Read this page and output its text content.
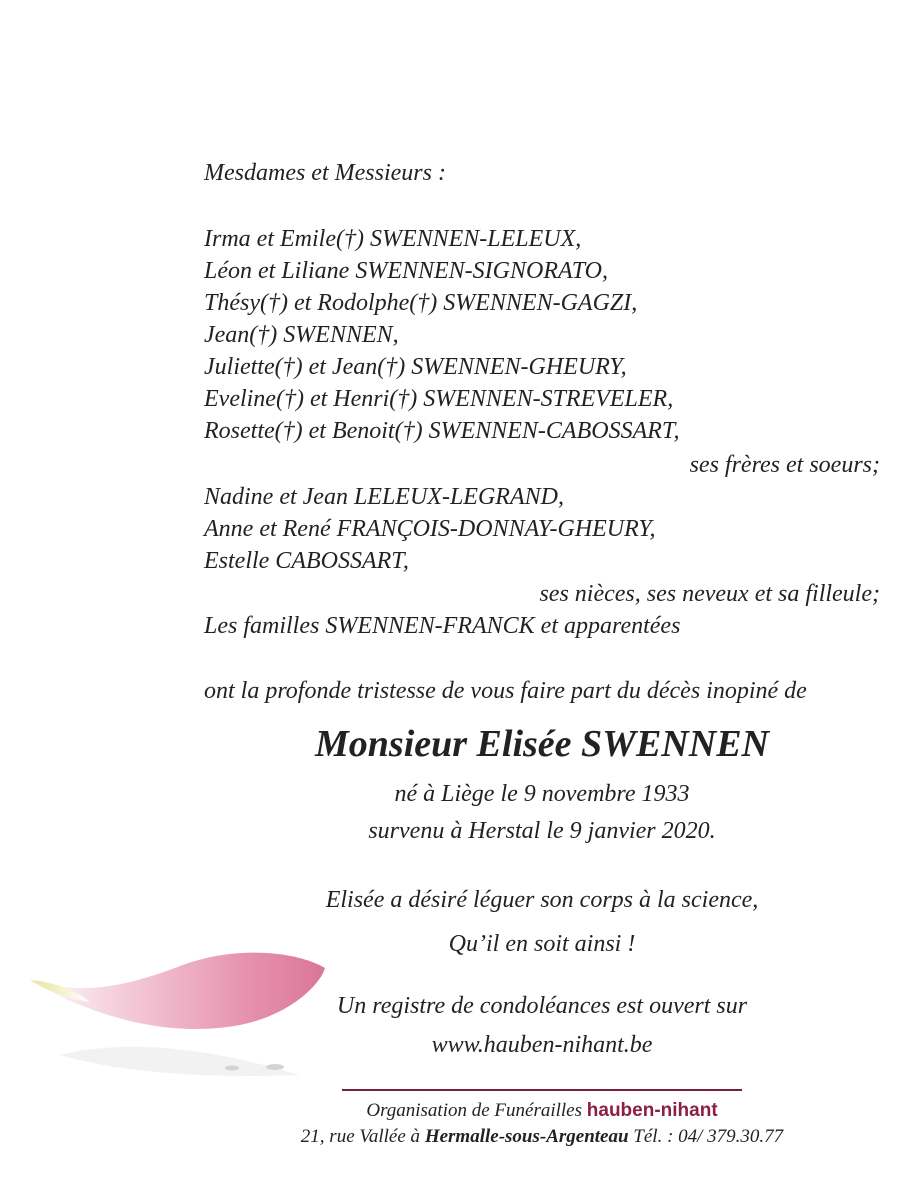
Mesdames et Messieurs :
Irma et Emile(†) SWENNEN-LELEUX,
Léon et Liliane SWENNEN-SIGNORATO,
Thésy(†) et Rodolphe(†) SWENNEN-GAGZI,
Jean(†) SWENNEN,
Juliette(†) et Jean(†) SWENNEN-GHEURY,
Eveline(†) et Henri(†) SWENNEN-STREVELER,
Rosette(†) et Benoit(†) SWENNEN-CABOSSART,
ses frères et soeurs;
Nadine et Jean LELEUX-LEGRAND,
Anne et René FRANÇOIS-DONNAY-GHEURY,
Estelle CABOSSART,
ses nièces, ses neveux et sa filleule;
Les familles SWENNEN-FRANCK et apparentées
ont la profonde tristesse de vous faire part du décès inopiné de
Monsieur Elisée SWENNEN
né à Liège le 9 novembre 1933
survenu à Herstal le 9 janvier 2020.
Elisée a désiré léguer son corps à la science,
Qu’il en soit ainsi !
Un registre de condoléances est ouvert sur
www.hauben-nihant.be
Organisation de Funérailles hauben-nihant
21, rue Vallée à Hermalle-sous-Argenteau Tél. : 04/ 379.30.77
